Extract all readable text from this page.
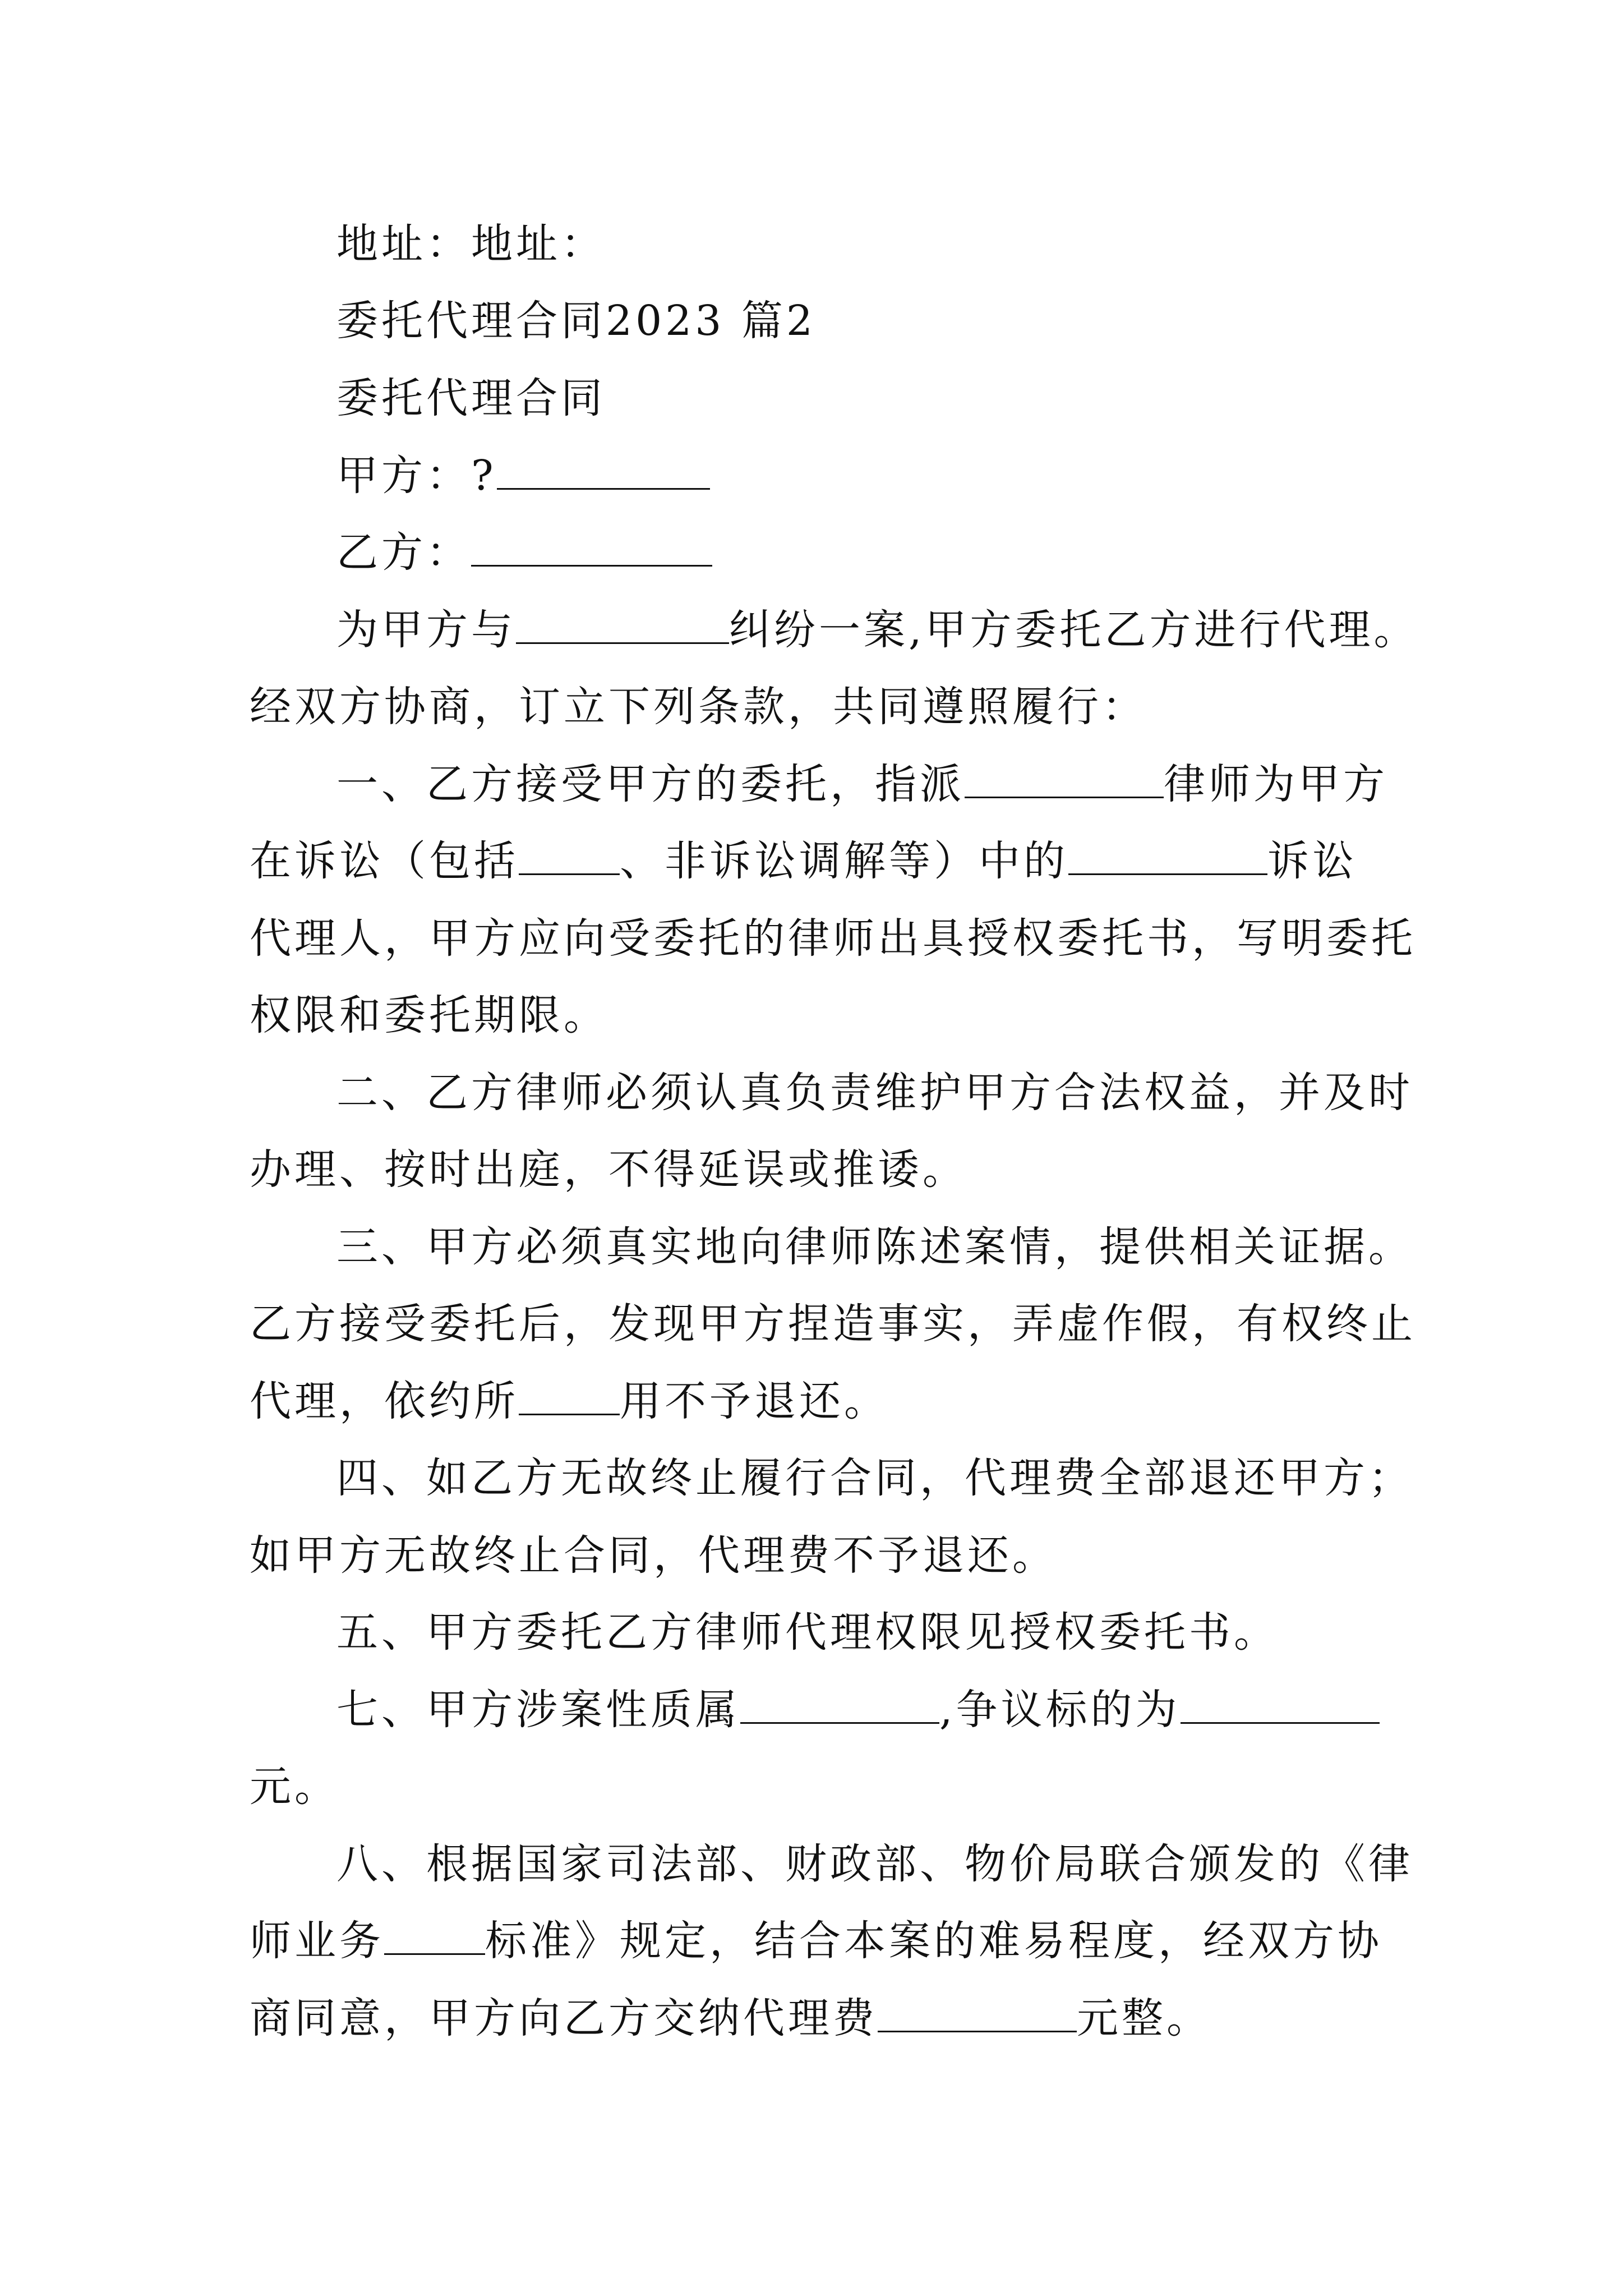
地址：地址：
委托代理合同2023 篇2
委托代理合同
甲方：?
乙方：
为甲方与	纠纷一案,甲方委托乙方进行代理。
经双方协商，订立下列条款，共同遵照履行：
一、乙方接受甲方的委托，指派	律师为甲方
在诉讼（包括 、非诉讼调解等）中的	诉讼
代理人，甲方应向受委托的律师出具授权委托书，写明委托
权限和委托期限。
二、乙方律师必须认真负责维护甲方合法权益，并及时
办理、按时出庭，不得延误或推诿。
三、甲方必须真实地向律师陈述案情，提供相关证据。
乙方接受委托后，发现甲方捏造事实，弄虚作假，有权终止
代理，依约所 用不予退还。
四、如乙方无故终止履行合同，代理费全部退还甲方；
如甲方无故终止合同，代理费不予退还。
五、甲方委托乙方律师代理权限见授权委托书。
七、甲方涉案性质属	,争议标的为
元。
八、根据国家司法部、财政部、物价局联合颁发的《律
师业务 标准》规定，结合本案的难易程度，经双方协
商同意，甲方向乙方交纳代理费	元整。
